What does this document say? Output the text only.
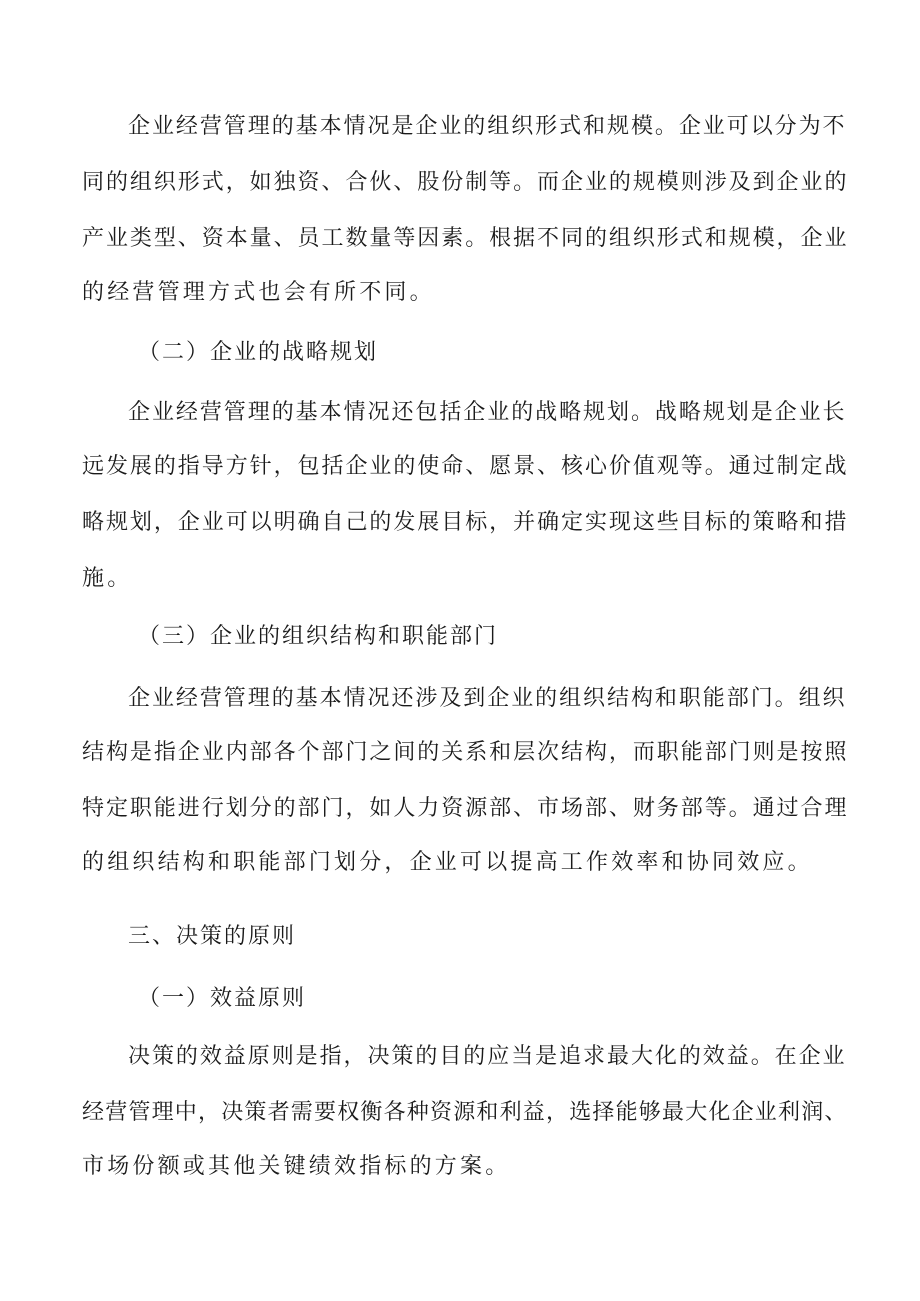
企业经营管理的基本情况是企业的组织形式和规模。企业可以分为不
同的组织形式，如独资、合伙、股份制等。而企业的规模则涉及到企业的
产业类型、资本量、员工数量等因素。根据不同的组织形式和规模，企业
的经营管理方式也会有所不同。
（二）企业的战略规划
企业经营管理的基本情况还包括企业的战略规划。战略规划是企业长
远发展的指导方针，包括企业的使命、愿景、核心价值观等。通过制定战
略规划，企业可以明确自己的发展目标，并确定实现这些目标的策略和措
施。
（三）企业的组织结构和职能部门
企业经营管理的基本情况还涉及到企业的组织结构和职能部门。组织
结构是指企业内部各个部门之间的关系和层次结构，而职能部门则是按照
特定职能进行划分的部门，如人力资源部、市场部、财务部等。通过合理
的组织结构和职能部门划分，企业可以提高工作效率和协同效应。
三、决策的原则
（一）效益原则
决策的效益原则是指，决策的目的应当是追求最大化的效益。在企业
经营管理中，决策者需要权衡各种资源和利益，选择能够最大化企业利润、
市场份额或其他关键绩效指标的方案。
